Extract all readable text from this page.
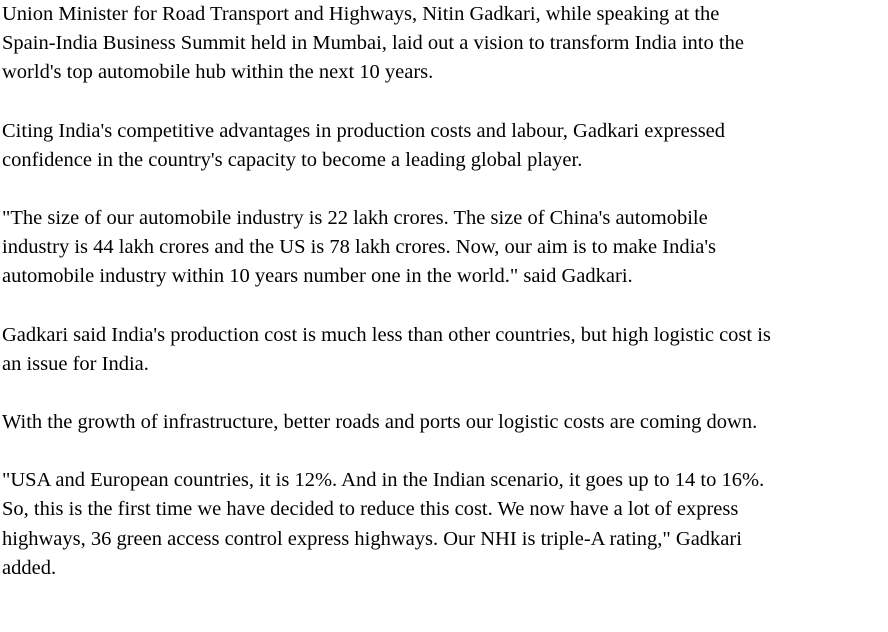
Union Minister for Road Transport and Highways, Nitin Gadkari, while speaking at the
Spain-India Business Summit held in Mumbai, laid out a vision to transform India into the
world's top automobile hub within the next 10 years.

Citing India's competitive advantages in production costs and labour, Gadkari expressed
confidence in the country's capacity to become a leading global player.

"The size of our automobile industry is 22 lakh crores. The size of China's automobile
industry is 44 lakh crores and the US is 78 lakh crores. Now, our aim is to make India's
automobile industry within 10 years number one in the world." said Gadkari.

Gadkari said India's production cost is much less than other countries, but high logistic cost is
an issue for India.

With the growth of infrastructure, better roads and ports our logistic costs are coming down.

"USA and European countries, it is 12%. And in the Indian scenario, it goes up to 14 to 16%.
So, this is the first time we have decided to reduce this cost. We now have a lot of express
highways, 36 green access control express highways. Our NHI is triple-A rating," Gadkari
added.
